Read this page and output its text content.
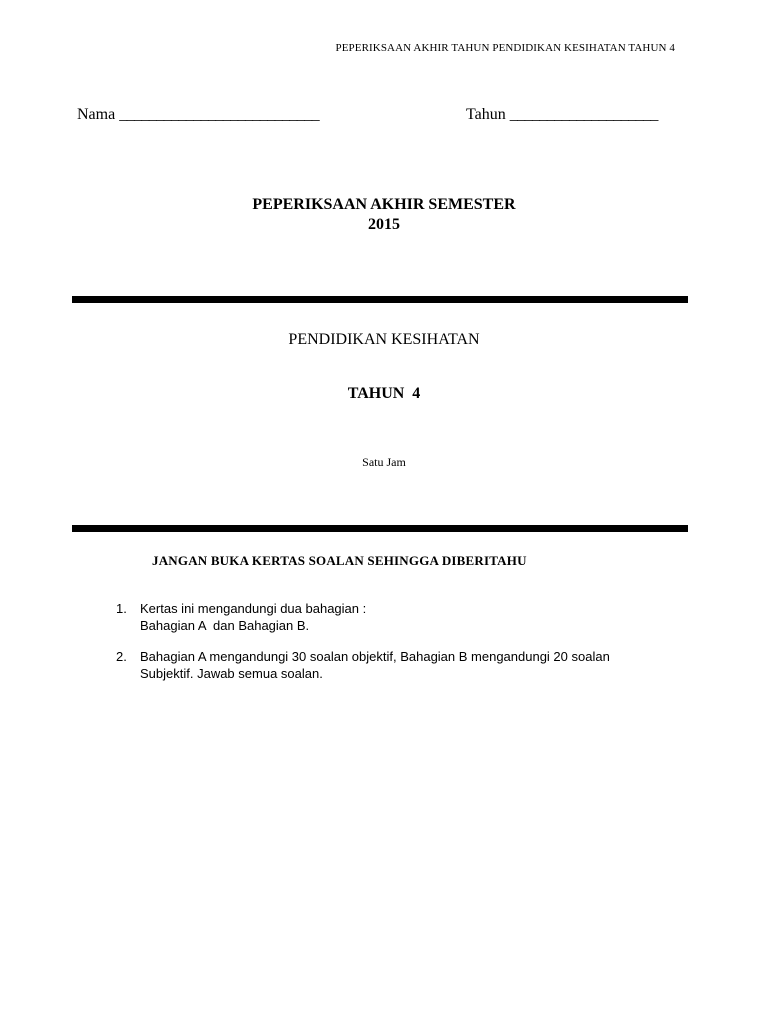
PEPERIKSAAN AKHIR TAHUN PENDIDIKAN KESIHATAN TAHUN 4
Nama ___________________________	Tahun ____________________
PEPERIKSAAN AKHIR SEMESTER
2015
PENDIDIKAN KESIHATAN
TAHUN  4
Satu Jam
JANGAN BUKA KERTAS SOALAN SEHINGGA DIBERITAHU
1.	Kertas ini mengandungi dua bahagian :
Bahagian A  dan Bahagian B.
2.	Bahagian A mengandungi 30 soalan objektif, Bahagian B mengandungi 20 soalan
Subjektif. Jawab semua soalan.
